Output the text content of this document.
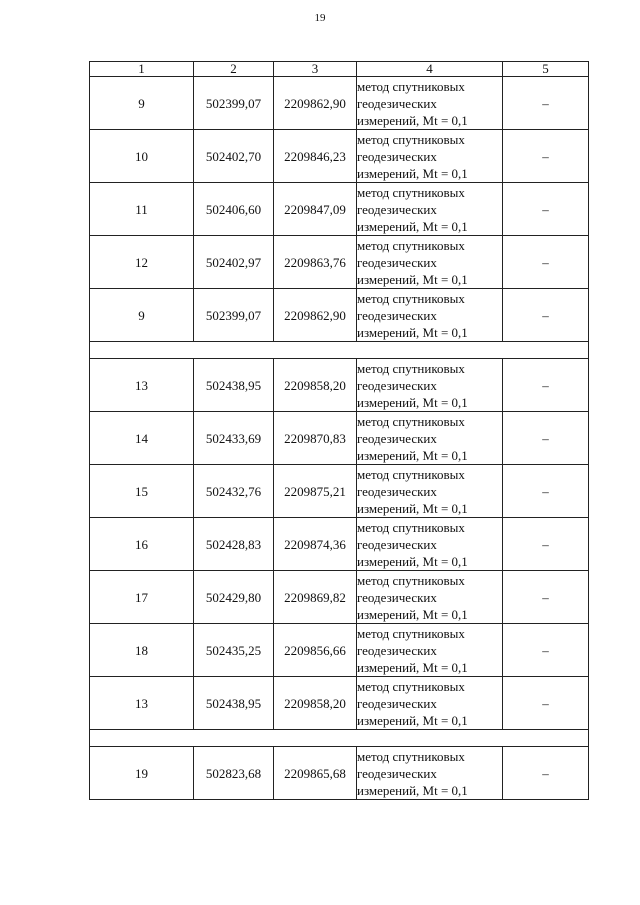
19
1	2	3	4	5
9	502399,07	2209862,90	метод спутниковых
геодезических
измерений, Mt = 0,1	–
10	502402,70	2209846,23	метод спутниковых
геодезических
измерений, Mt = 0,1	–
11	502406,60	2209847,09	метод спутниковых
геодезических
измерений, Mt = 0,1	–
12	502402,97	2209863,76	метод спутниковых
геодезических
измерений, Mt = 0,1	–
9	502399,07	2209862,90	метод спутниковых
геодезических
измерений, Mt = 0,1	–

13	502438,95	2209858,20	метод спутниковых
геодезических
измерений, Mt = 0,1	–
14	502433,69	2209870,83	метод спутниковых
геодезических
измерений, Mt = 0,1	–
15	502432,76	2209875,21	метод спутниковых
геодезических
измерений, Mt = 0,1	–
16	502428,83	2209874,36	метод спутниковых
геодезических
измерений, Mt = 0,1	–
17	502429,80	2209869,82	метод спутниковых
геодезических
измерений, Mt = 0,1	–
18	502435,25	2209856,66	метод спутниковых
геодезических
измерений, Mt = 0,1	–
13	502438,95	2209858,20	метод спутниковых
геодезических
измерений, Mt = 0,1	–

19	502823,68	2209865,68	метод спутниковых
геодезических
измерений, Mt = 0,1	–
